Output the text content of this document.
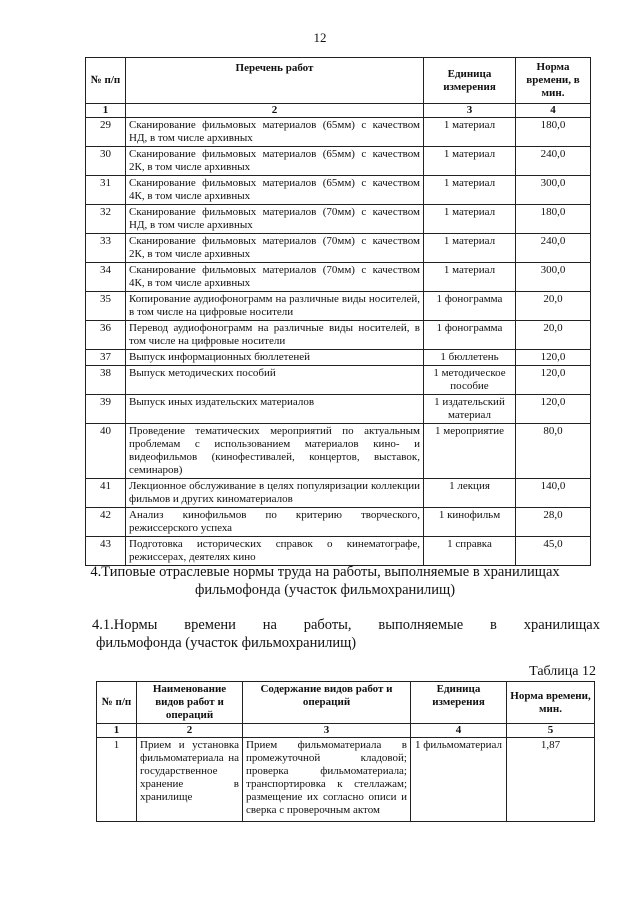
12
№ п/п	Перечень работ	Единица измерения	Норма времени, в мин.
1	2	3	4
29	Сканирование фильмовых материалов (65мм) с качеством НД, в том числе архивных	1 материал	180,0
30	Сканирование фильмовых материалов (65мм) с качеством 2К, в том числе архивных	1 материал	240,0
31	Сканирование фильмовых материалов (65мм) с качеством 4К, в том числе архивных	1 материал	300,0
32	Сканирование фильмовых материалов (70мм) с качеством НД, в том числе архивных	1 материал	180,0
33	Сканирование фильмовых материалов (70мм) с качеством 2К, в том числе архивных	1 материал	240,0
34	Сканирование фильмовых материалов (70мм) с качеством 4К, в том числе архивных	1 материал	300,0
35	Копирование аудиофонограмм на различные виды носителей, в том числе на цифровые носители	1 фонограмма	20,0
36	Перевод аудиофонограмм на различные виды носителей, в том числе на цифровые носители	1 фонограмма	20,0
37	Выпуск информационных бюллетеней	1 бюллетень	120,0
38	Выпуск методических пособий	1 методическое пособие	120,0
39	Выпуск иных издательских материалов	1 издательский материал	120,0
40	Проведение тематических мероприятий по актуальным проблемам с использованием материалов кино- и видеофильмов (кинофестивалей, концертов, выставок, семинаров)	1 мероприятие	80,0
41	Лекционное обслуживание в целях популяризации коллекции фильмов и других киноматериалов	1 лекция	140,0
42	Анализ кинофильмов по критерию творческого, режиссерского успеха	1 кинофильм	28,0
43	Подготовка исторических справок о кинематографе, режиссерах, деятелях кино	1 справка	45,0
4.Типовые отраслевые нормы труда на работы, выполняемые в хранилищах фильмофонда (участок фильмохранилищ)
4.1.Нормы времени на работы, выполняемые в хранилищах
фильмофонда (участок фильмохранилищ)
Таблица 12
№ п/п	Наименование видов работ и операций	Содержание видов работ и операций	Единица измерения	Норма времени, мин.
1	2	3	4	5
1	Прием и установка фильмоматериала на государственное хранение в хранилище	Прием фильмоматериала в промежуточной кладовой; проверка фильмоматериала; транспортировка к стеллажам; размещение их согласно описи и сверка с проверочным актом	1 фильмоматериал	1,87
